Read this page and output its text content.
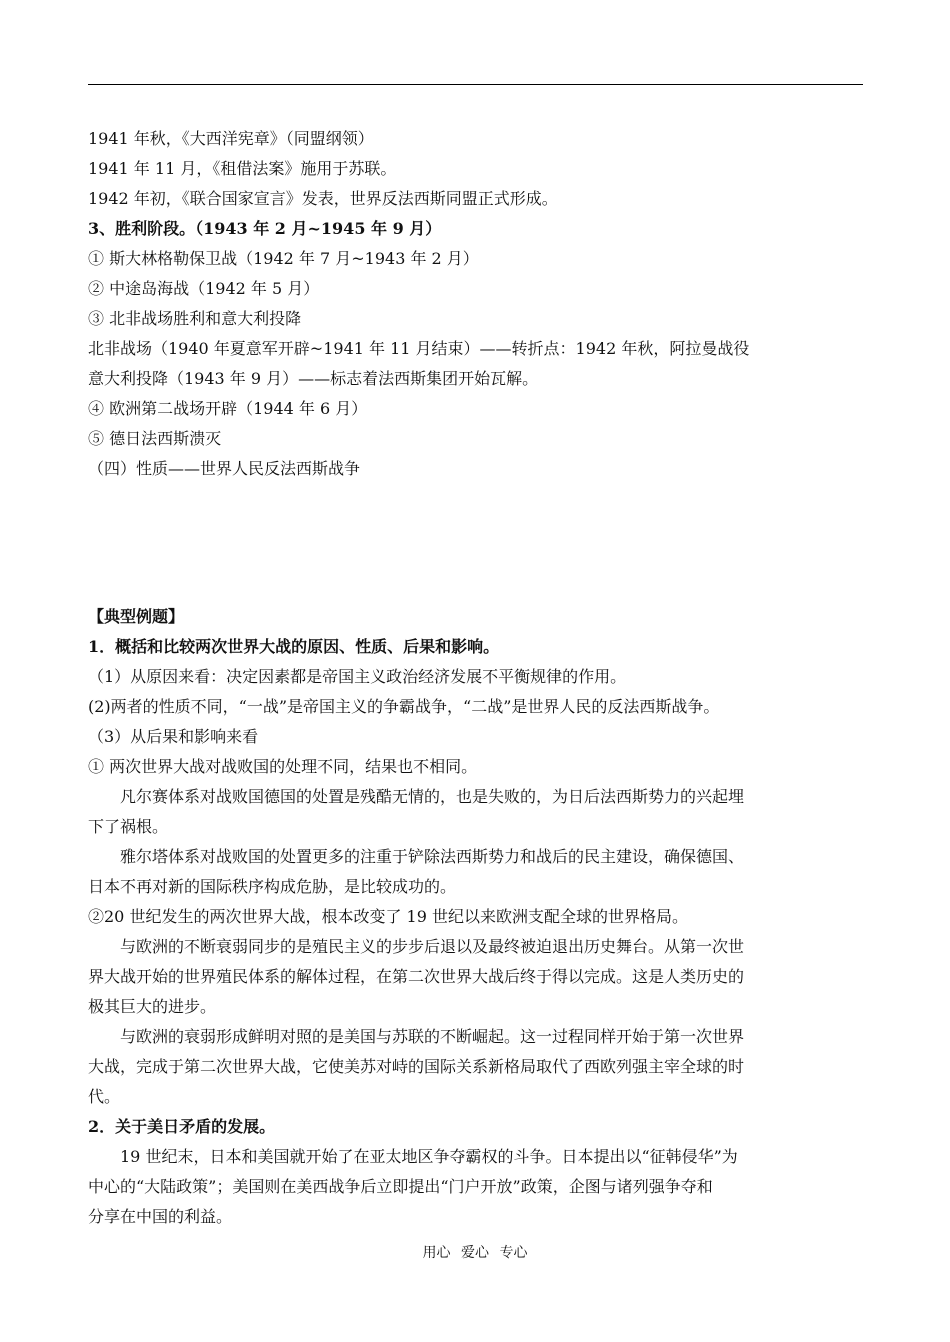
1941 年秋，《大西洋宪章》（同盟纲领）
1941 年 11 月，《租借法案》施用于苏联。
1942 年初，《联合国家宣言》发表，世界反法西斯同盟正式形成。
3、胜利阶段。（1943 年 2 月~1945 年 9 月）
① 斯大林格勒保卫战（1942 年 7 月~1943 年 2 月）
② 中途岛海战（1942 年 5 月）
③ 北非战场胜利和意大利投降
北非战场（1940 年夏意军开辟~1941 年 11 月结束）——转折点：1942 年秋，阿拉曼战役
意大利投降（1943 年 9 月）——标志着法西斯集团开始瓦解。
④ 欧洲第二战场开辟（1944 年 6 月）
⑤ 德日法西斯溃灭
（四）性质——世界人民反法西斯战争
【典型例题】
1．概括和比较两次世界大战的原因、性质、后果和影响。
（1）从原因来看：决定因素都是帝国主义政治经济发展不平衡规律的作用。
(2)两者的性质不同，“一战”是帝国主义的争霸战争，“二战”是世界人民的反法西斯战争。
（3）从后果和影响来看
① 两次世界大战对战败国的处理不同，结果也不相同。
凡尔赛体系对战败国德国的处置是残酷无情的，也是失败的，为日后法西斯势力的兴起埋
下了祸根。
雅尔塔体系对战败国的处置更多的注重于铲除法西斯势力和战后的民主建设，确保德国、
日本不再对新的国际秩序构成危胁，是比较成功的。
②20 世纪发生的两次世界大战，根本改变了 19 世纪以来欧洲支配全球的世界格局。
与欧洲的不断衰弱同步的是殖民主义的步步后退以及最终被迫退出历史舞台。从第一次世
界大战开始的世界殖民体系的解体过程，在第二次世界大战后终于得以完成。这是人类历史的
极其巨大的进步。
与欧洲的衰弱形成鲜明对照的是美国与苏联的不断崛起。这一过程同样开始于第一次世界
大战，完成于第二次世界大战，它使美苏对峙的国际关系新格局取代了西欧列强主宰全球的时
代。
2．关于美日矛盾的发展。
19 世纪末，日本和美国就开始了在亚太地区争夺霸权的斗争。日本提出以“征韩侵华”为
中心的“大陆政策”；美国则在美西战争后立即提出“门户开放”政策，企图与诸列强争夺和
分享在中国的利益。
用心 爱心 专心
